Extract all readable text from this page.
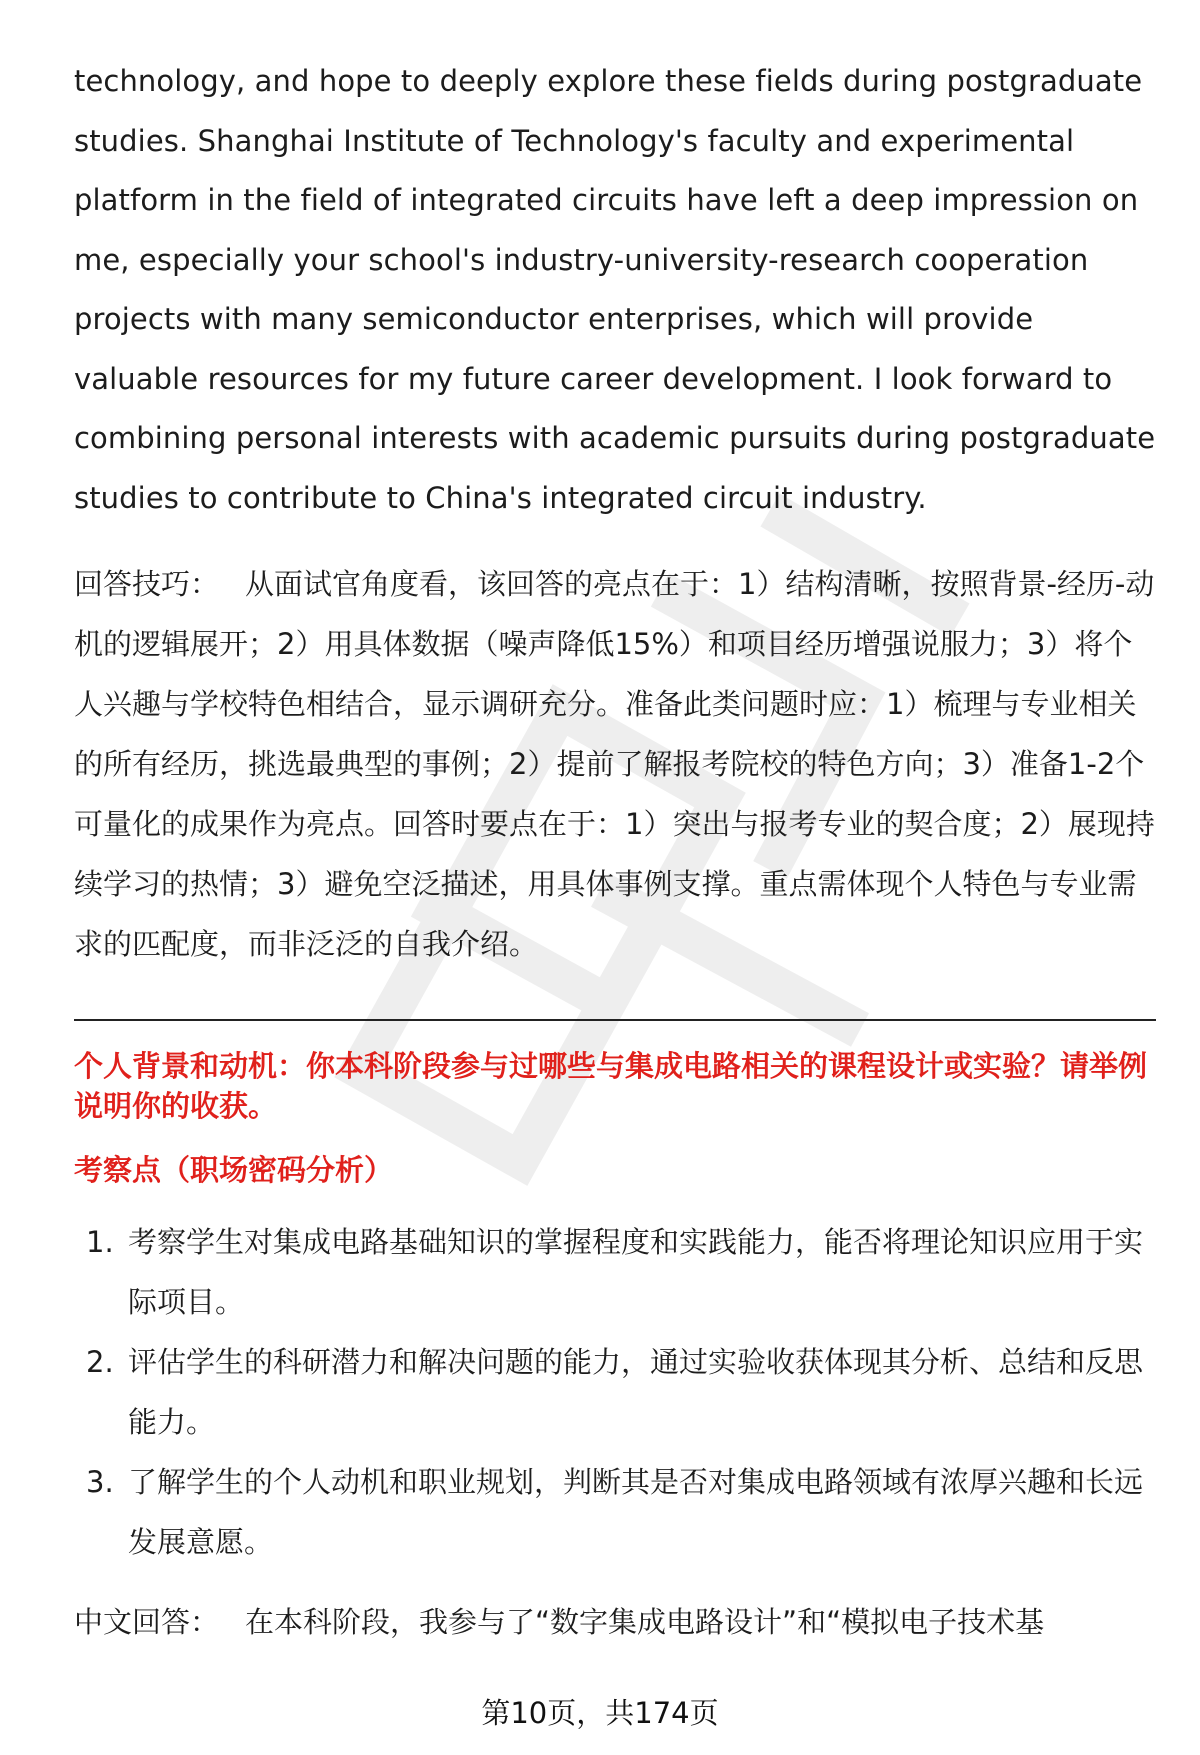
technology, and hope to deeply explore these fields during postgraduate studies. Shanghai Institute of Technology's faculty and experimental platform in the field of integrated circuits have left a deep impression on me, especially your school's industry-university-research cooperation projects with many semiconductor enterprises, which will provide valuable resources for my future career development. I look forward to combining personal interests with academic pursuits during postgraduate studies to contribute to China's integrated circuit industry.

回答技巧： 从面试官角度看，该回答的亮点在于：1）结构清晰，按照背景-经历-动机的逻辑展开；2）用具体数据（噪声降低15%）和项目经历增强说服力；3）将个人兴趣与学校特色相结合，显示调研充分。准备此类问题时应：1）梳理与专业相关的所有经历，挑选最典型的事例；2）提前了解报考院校的特色方向；3）准备1-2个可量化的成果作为亮点。回答时要点在于：1）突出与报考专业的契合度；2）展现持续学习的热情；3）避免空泛描述，用具体事例支撑。重点需体现个人特色与专业需求的匹配度，而非泛泛的自我介绍。

个人背景和动机：你本科阶段参与过哪些与集成电路相关的课程设计或实验？请举例说明你的收获。

考察点（职场密码分析）

1. 考察学生对集成电路基础知识的掌握程度和实践能力，能否将理论知识应用于实际项目。
2. 评估学生的科研潜力和解决问题的能力，通过实验收获体现其分析、总结和反思能力。
3. 了解学生的个人动机和职业规划，判断其是否对集成电路领域有浓厚兴趣和长远发展意愿。

中文回答： 在本科阶段，我参与了“数字集成电路设计”和“模拟电子技术基

第10页，共174页
